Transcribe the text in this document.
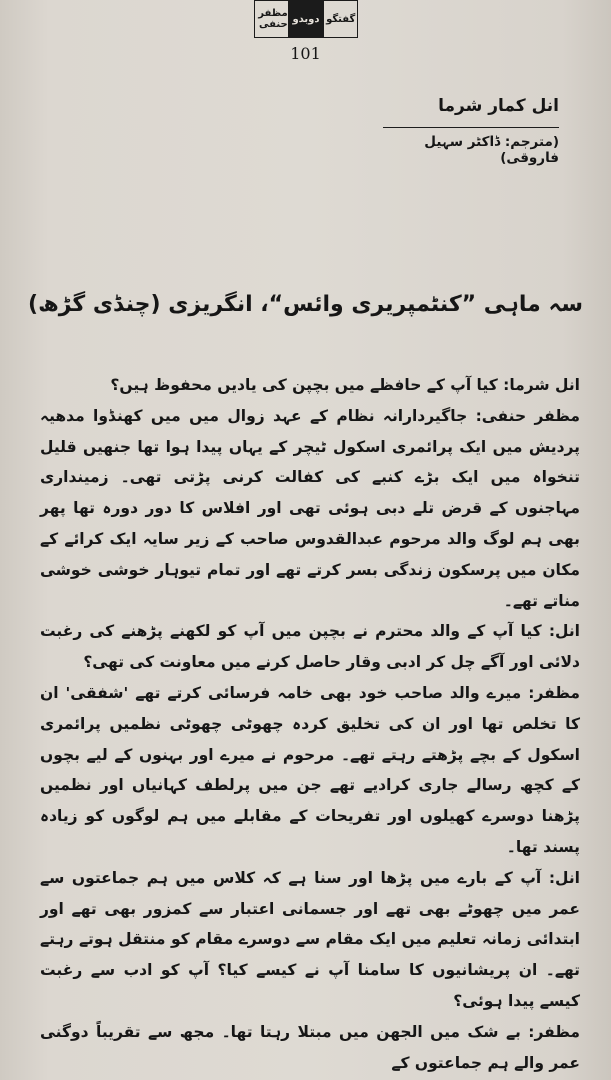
گفتگو
دوبدو
مظفر حنفی
101
انل کمار شرما
(مترجم: ڈاکٹر سہیل فاروقی)
سہ ماہی ”کنٹمپریری وائس“، انگریزی (چنڈی گڑھ)

انل شرما: کیا آپ کے حافظے میں بچپن کی یادیں محفوظ ہیں؟

مظفر حنفی: جاگیردارانہ نظام کے عہد زوال میں میں کھنڈوا مدھیہ پردیش میں ایک پرائمری اسکول ٹیچر کے یہاں پیدا ہوا تھا جنھیں قلیل تنخواہ میں ایک بڑے کنبے کی کفالت کرنی پڑتی تھی۔ زمینداری مہاجنوں کے قرض تلے دبی ہوئی تھی اور افلاس کا دور دورہ تھا پھر بھی ہم لوگ والد مرحوم عبدالقدوس صاحب کے زیر سایہ ایک کرائے کے مکان میں پرسکون زندگی بسر کرتے تھے اور تمام تیوہار خوشی خوشی مناتے تھے۔

انل: کیا آپ کے والد محترم نے بچپن میں آپ کو لکھنے پڑھنے کی رغبت دلائی اور آگے چل کر ادبی وقار حاصل کرنے میں معاونت کی تھی؟

مظفر: میرے والد صاحب خود بھی خامہ فرسائی کرتے تھے 'شفقی' ان کا تخلص تھا اور ان کی تخلیق کردہ چھوٹی چھوٹی نظمیں پرائمری اسکول کے بچے پڑھتے رہتے تھے۔ مرحوم نے میرے اور بہنوں کے لیے بچوں کے کچھ رسالے جاری کرادیے تھے جن میں پرلطف کہانیاں اور نظمیں پڑھنا دوسرے کھیلوں اور تفریحات کے مقابلے میں ہم لوگوں کو زیادہ پسند تھا۔

انل: آپ کے بارے میں پڑھا اور سنا ہے کہ کلاس میں ہم جماعتوں سے عمر میں چھوٹے بھی تھے اور جسمانی اعتبار سے کمزور بھی تھے اور ابتدائی زمانہ تعلیم میں ایک مقام سے دوسرے مقام کو منتقل ہوتے رہتے تھے۔ ان پریشانیوں کا سامنا آپ نے کیسے کیا؟ آپ کو ادب سے رغبت کیسے پیدا ہوئی؟

مظفر: بے شک میں الجھن میں مبتلا رہتا تھا۔ مجھ سے تقریباً دوگنی عمر والے ہم جماعتوں کے
